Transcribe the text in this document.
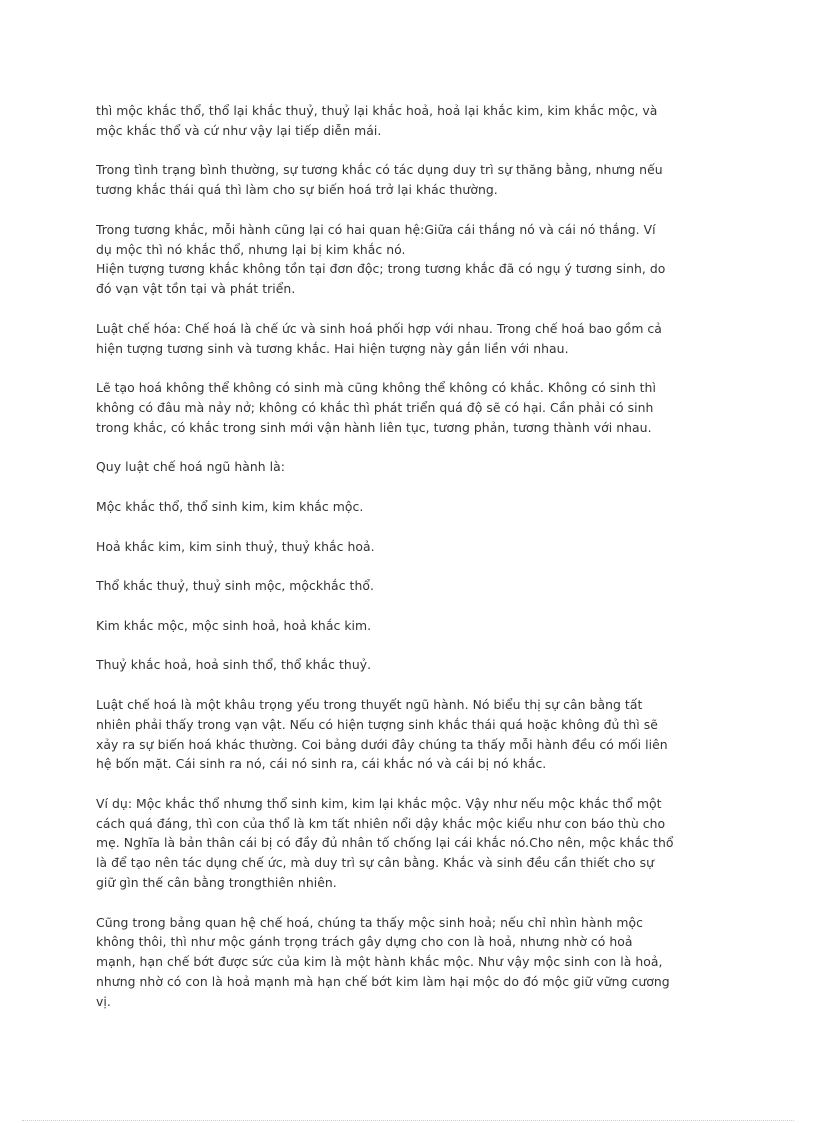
thì mộc khắc thổ, thổ lại khắc thuỷ, thuỷ lại khắc hoả, hoả lại khắc kim, kim khắc mộc, và
mộc khắc thổ và cứ như vậy lại tiếp diễn mái.

Trong tình trạng bình thường, sự tương khắc có tác dụng duy trì sự thăng bằng, nhưng nếu
tương khắc thái quá thì làm cho sự biến hoá trở lại khác thường.

Trong tương khắc, mỗi hành cũng lại có hai quan hệ:Giữa cái thắng nó và cái nó thắng. Ví
dụ mộc thì nó khắc thổ, nhưng lại bị kim khắc nó.

Hiện tượng tương khắc không tồn tại đơn độc; trong tương khắc đã có ngụ ý tương sinh, do
đó vạn vật tồn tại và phát triển.

Luật chế hóa: Chế hoá là chế ức và sinh hoá phối hợp với nhau. Trong chế hoá bao gồm cả
hiện tượng tương sinh và tương khắc. Hai hiện tượng này gắn liền với nhau.

Lẽ tạo hoá không thể không có sinh mà cũng không thể không có khắc. Không có sinh thì
không có đâu mà nảy nở; không có khắc thì phát triển quá độ sẽ có hại. Cần phải có sinh
trong khắc, có khắc trong sinh mới vận hành liên tục, tương phản, tương thành với nhau.

Quy luật chế hoá ngũ hành là:

Mộc khắc thổ, thổ sinh kim, kim khắc mộc.

Hoả khắc kim, kim sinh thuỷ, thuỷ khắc hoả.

Thổ khắc thuỷ, thuỷ sinh mộc, mộckhắc thổ.

Kim khắc mộc, mộc sinh hoả, hoả khắc kim.

Thuỷ khắc hoả, hoả sinh thổ, thổ khắc thuỷ.

Luật chế hoá là một khâu trọng yếu trong thuyết ngũ hành. Nó biểu thị sự cân bằng tất
nhiên phải thấy trong vạn vật. Nếu có hiện tượng sinh khắc thái quá hoặc không đủ thì sẽ
xảy ra sự biến hoá khác thường. Coi bảng dưới đây chúng ta thấy mỗi hành đều có mối liên
hệ bốn mặt. Cái sinh ra nó, cái nó sinh ra, cái khắc nó và cái bị nó khắc.

Ví dụ: Mộc khắc thổ nhưng thổ sinh kim, kim lại khắc mộc. Vậy như nếu mộc khắc thổ một
cách quá đáng, thì con của thổ là km tất nhiên nổi dậy khắc mộc kiểu như con báo thù cho
mẹ. Nghĩa là bản thân cái bị có đầy đủ nhân tố chống lại cái khắc nó.Cho nên, mộc khắc thổ
là để tạo nên tác dụng chế ức, mà duy trì sự cân bằng. Khắc và sinh đều cần thiết cho sự
giữ gìn thế cân bằng trongthiên nhiên.

Cũng trong bảng quan hệ chế hoá, chúng ta thấy mộc sinh hoả; nếu chỉ nhìn hành mộc
không thôi, thì như mộc gánh trọng trách gây dựng cho con là hoả, nhưng nhờ có hoả
mạnh, hạn chế bớt được sức của kim là một hành khắc mộc. Như vậy mộc sinh con là hoả,
nhưng nhờ có con là hoả mạnh mà hạn chế bớt kim làm hại mộc do đó mộc giữ vững cương
vị.
